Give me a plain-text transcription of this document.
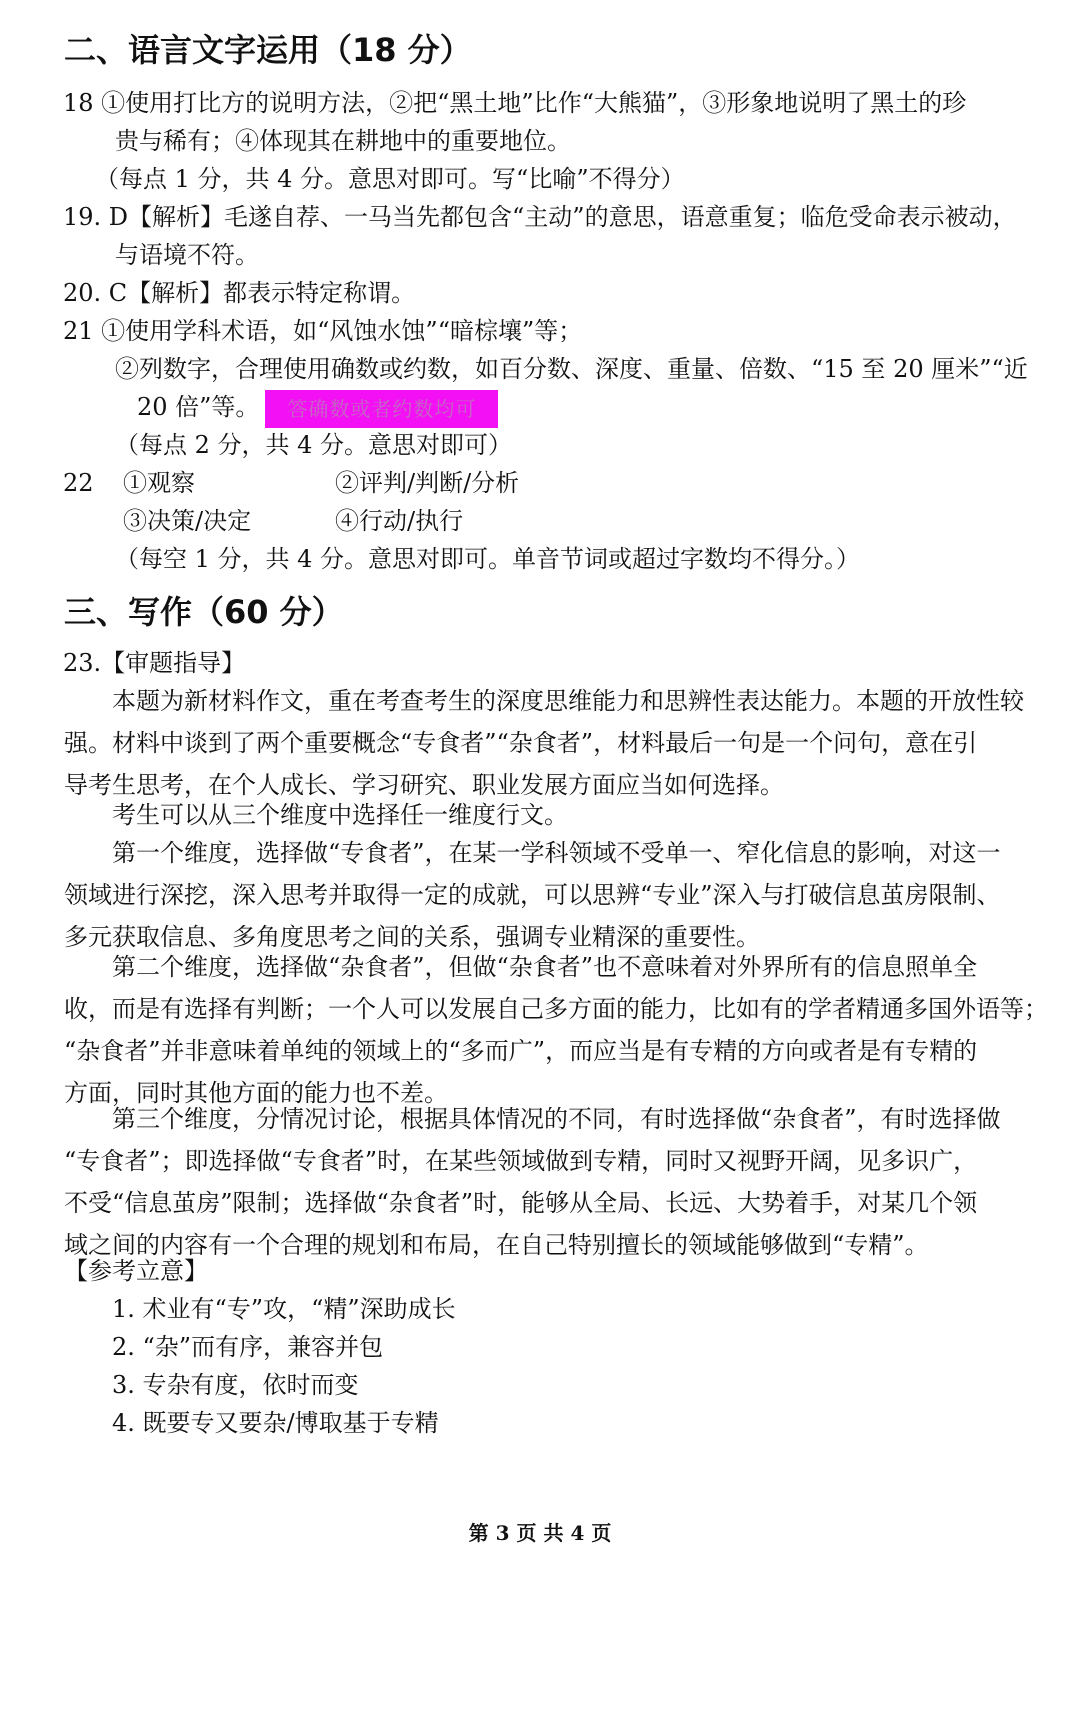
二、语言文字运用（18 分）
18 ①使用打比方的说明方法，②把“黑土地”比作“大熊猫”，③形象地说明了黑土的珍
贵与稀有；④体现其在耕地中的重要地位。
（每点 1 分，共 4 分。意思对即可。写“比喻”不得分）
19. D【解析】毛遂自荐、一马当先都包含“主动”的意思，语意重复；临危受命表示被动，
与语境不符。
20. C【解析】都表示特定称谓。
21 ①使用学科术语，如“风蚀水蚀”“暗棕壤”等；
②列数字，合理使用确数或约数，如百分数、深度、重量、倍数、“15 至 20 厘米”“近
20 倍”等。 答确数或者约数均可
（每点 2 分，共 4 分。意思对即可）
22 ①观察	②评判/判断/分析
③决策/决定	④行动/执行
（每空 1 分，共 4 分。意思对即可。单音节词或超过字数均不得分。）
三、写作（60 分）
23.【审题指导】
本题为新材料作文，重在考查考生的深度思维能力和思辨性表达能力。本题的开放性较
强。材料中谈到了两个重要概念“专食者”“杂食者”，材料最后一句是一个问句，意在引
导考生思考，在个人成长、学习研究、职业发展方面应当如何选择。
考生可以从三个维度中选择任一维度行文。
第一个维度，选择做“专食者”，在某一学科领域不受单一、窄化信息的影响，对这一
领域进行深挖，深入思考并取得一定的成就，可以思辨“专业”深入与打破信息茧房限制、
多元获取信息、多角度思考之间的关系，强调专业精深的重要性。
第二个维度，选择做“杂食者”，但做“杂食者”也不意味着对外界所有的信息照单全
收，而是有选择有判断；一个人可以发展自己多方面的能力，比如有的学者精通多国外语等；
“杂食者”并非意味着单纯的领域上的“多而广”，而应当是有专精的方向或者是有专精的
方面，同时其他方面的能力也不差。
第三个维度，分情况讨论，根据具体情况的不同，有时选择做“杂食者”，有时选择做
“专食者”；即选择做“专食者”时，在某些领域做到专精，同时又视野开阔，见多识广，
不受“信息茧房”限制；选择做“杂食者”时，能够从全局、长远、大势着手，对某几个领
域之间的内容有一个合理的规划和布局，在自己特别擅长的领域能够做到“专精”。
【参考立意】
1. 术业有“专”攻，“精”深助成长
2. “杂”而有序，兼容并包
3. 专杂有度，依时而变
4. 既要专又要杂/博取基于专精
第 3 页 共 4 页
